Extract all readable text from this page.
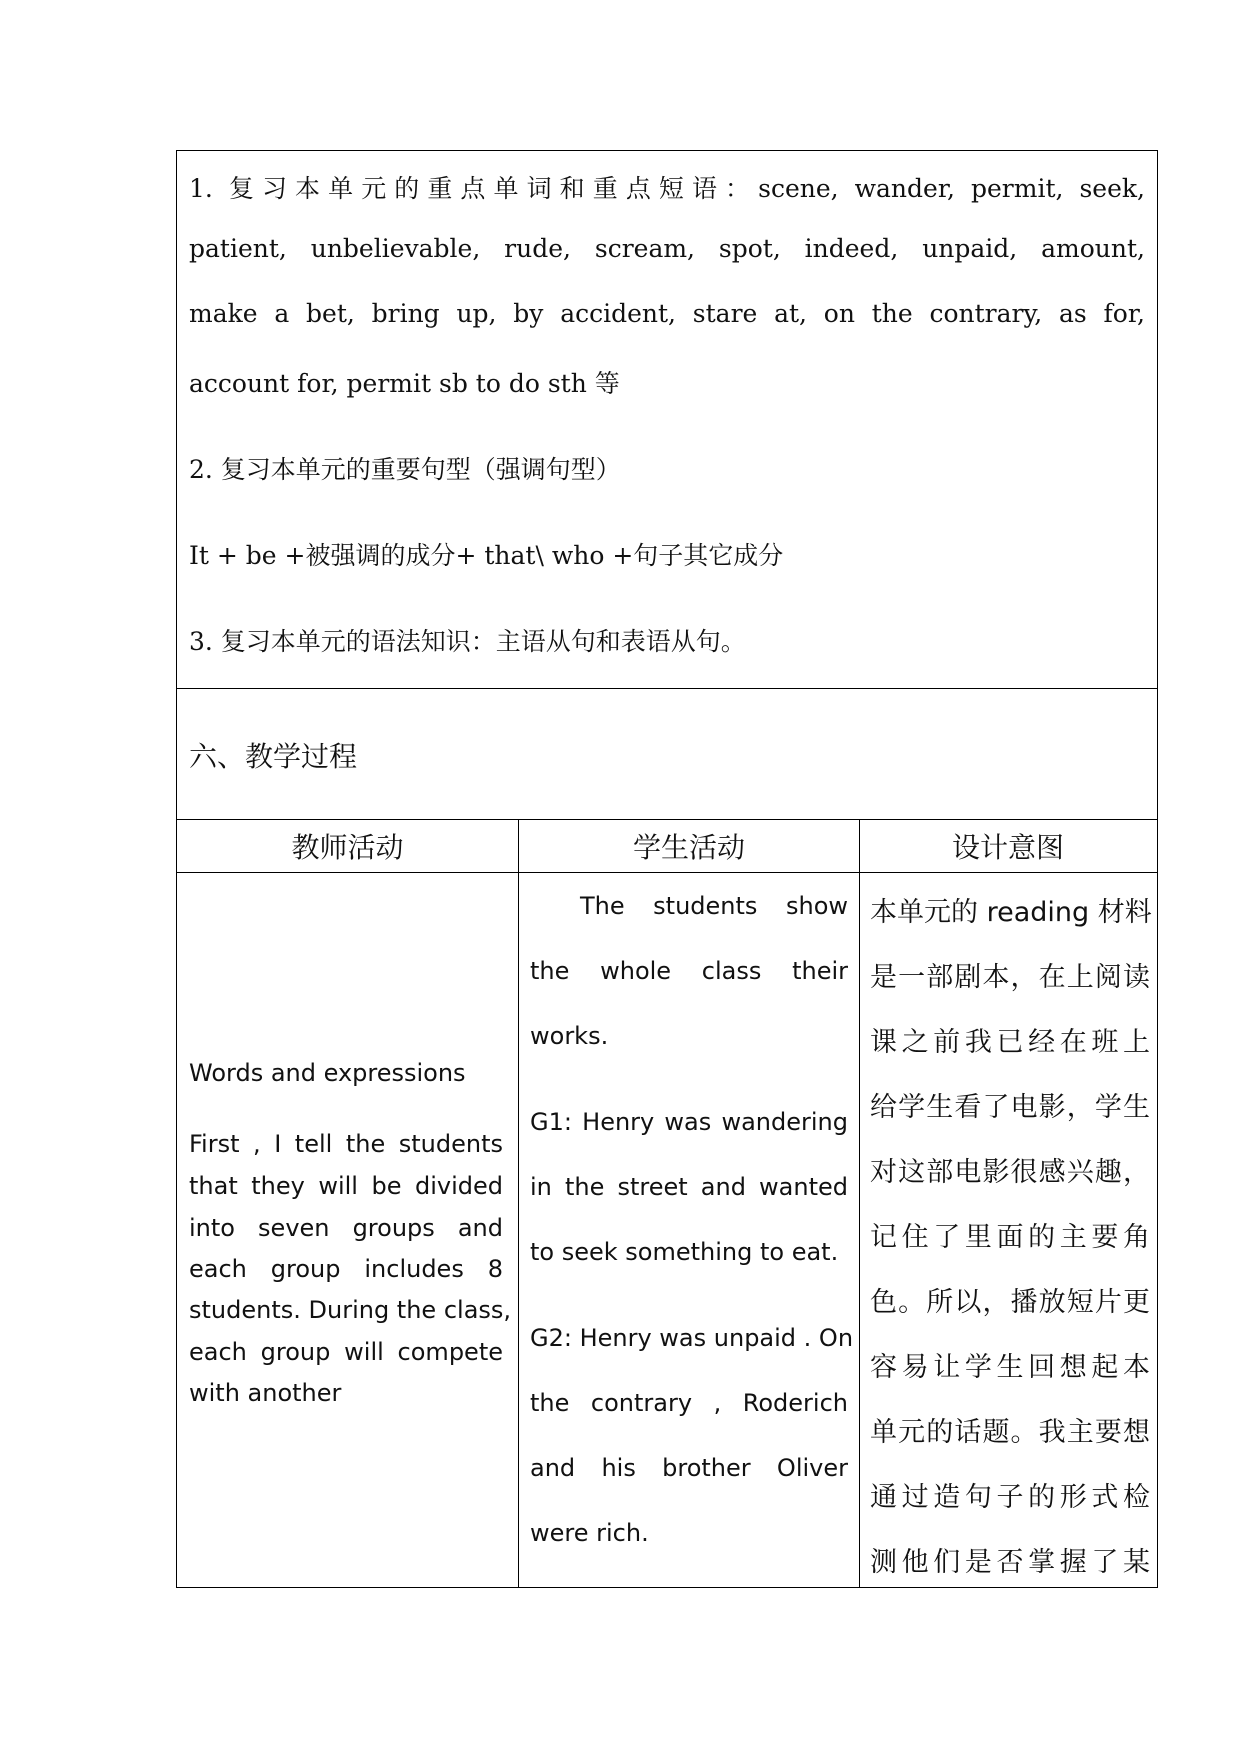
1. 复习本单元的重点单词和重点短语：scene, wander, permit, seek,
patient, unbelievable, rude, scream, spot, indeed, unpaid, amount,
make a bet, bring up, by accident, stare at, on the contrary, as for,
account for, permit sb to do sth 等
2. 复习本单元的重要句型（强调句型）
It + be +被强调的成分+ that\ who +句子其它成分
3. 复习本单元的语法知识：主语从句和表语从句。
六、教学过程
教师活动	学生活动	设计意图
Words and expressions
First , I tell the students
that they will be divided
into seven groups and
each group includes 8
students. During the class,
each group will compete
with another
The students show
the whole class their
works.
G1: Henry was wandering
in the street and wanted
to seek something to eat.
G2: Henry was unpaid . On
the contrary , Roderich
and his brother Oliver
were rich.
本单元的 reading 材料
是一部剧本，在上阅读
课之前我已经在班上
给学生看了电影，学生
对这部电影很感兴趣，
记住了里面的主要角
色。所以，播放短片更
容易让学生回想起本
单元的话题。我主要想
通过造句子的形式检
测他们是否掌握了某
